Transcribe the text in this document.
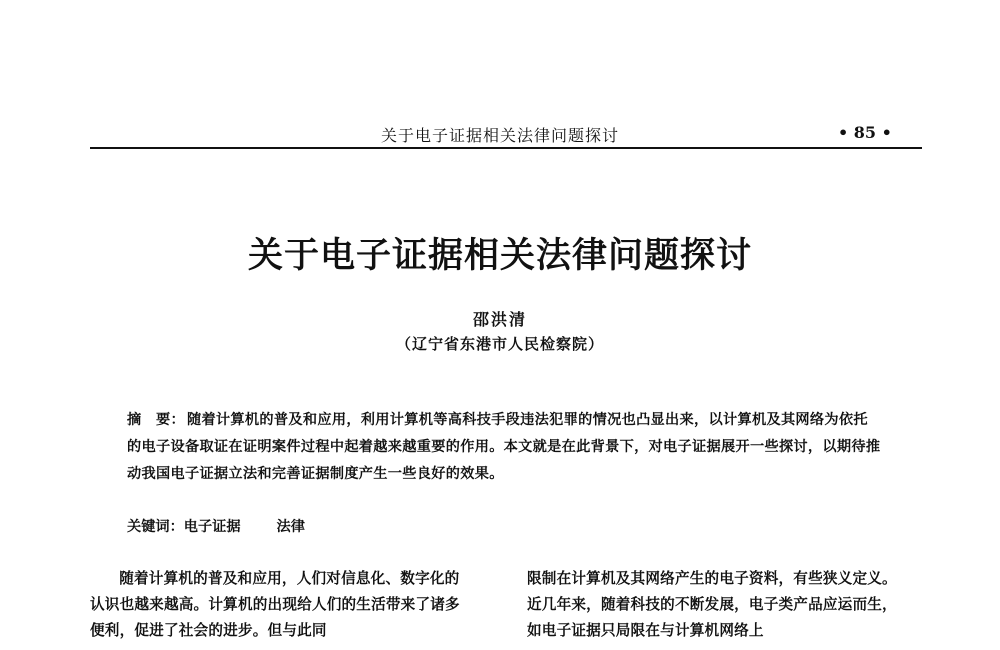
关于电子证据相关法律问题探讨	• 85 •
关于电子证据相关法律问题探讨
邵洪清
（辽宁省东港市人民检察院）
摘　要： 随着计算机的普及和应用，利用计算机等高科技手段违法犯罪的情况也凸显出来，以计算机及其网络为依托的电子设备取证在证明案件过程中起着越来越重要的作用。本文就是在此背景下，对电子证据展开一些探讨，以期待推动我国电子证据立法和完善证据制度产生一些良好的效果。
关键词：电子证据	法律

随着计算机的普及和应用，人们对信息化、数字化的认识也越来越高。计算机的出现给人们的生活带来了诸多便利，促进了社会的进步。但与此同

限制在计算机及其网络产生的电子资料，有些狭义定义。近几年来，随着科技的不断发展，电子类产品应运而生，如电子证据只局限在与计算机网络上
